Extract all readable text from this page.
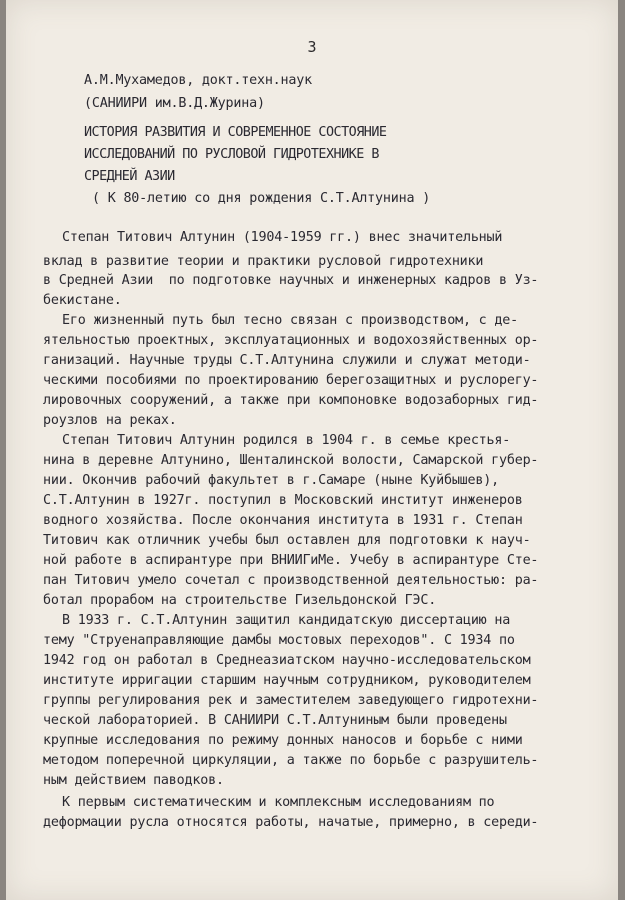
3
А.М.Мухамедов, докт.техн.наук
(САНИИРИ им.В.Д.Журина)
ИСТОРИЯ РАЗВИТИЯ И СОВРЕМЕННОЕ СОСТОЯНИЕ
ИССЛЕДОВАНИЙ ПО РУСЛОВОЙ ГИДРОТЕХНИКЕ В
СРЕДНЕЙ АЗИИ
( К 80-летию со дня рождения С.Т.Алтунина )
Степан Титович Алтунин (1904-1959 гг.) внес значительный
вклад в развитие теории и практики русловой гидротехники
в Средней Азии  по подготовке научных и инженерных кадров в Уз-
бекистане.
Его жизненный путь был тесно связан с производством, с де-
ятельностью проектных, эксплуатационных и водохозяйственных ор-
ганизаций. Научные труды С.Т.Алтунина служили и служат методи-
ческими пособиями по проектированию берегозащитных и руслорегу-
лировочных сооружений, а также при компоновке водозаборных гид-
роузлов на реках.
Степан Титович Алтунин родился в 1904 г. в семье крестья-
нина в деревне Алтунино, Шенталинской волости, Самарской губер-
нии. Окончив рабочий факультет в г.Самаре (ныне Куйбышев),
С.Т.Алтунин в 1927г. поступил в Московский институт инженеров
водного хозяйства. После окончания института в 1931 г. Степан
Титович как отличник учебы был оставлен для подготовки к науч-
ной работе в аспирантуре при ВНИИГиМе. Учебу в аспирантуре Сте-
пан Титович умело сочетал с производственной деятельностью: ра-
ботал прорабом на строительстве Гизельдонской ГЭС.
В 1933 г. С.Т.Алтунин защитил кандидатскую диссертацию на
тему "Струенаправляющие дамбы мостовых переходов". С 1934 по
1942 год он работал в Среднеазиатском научно-исследовательском
институте ирригации старшим научным сотрудником, руководителем
группы регулирования рек и заместителем заведующего гидротехни-
ческой лабораторией. В САНИИРИ С.Т.Алтуниным были проведены
крупные исследования по режиму донных наносов и борьбе с ними
методом поперечной циркуляции, а также по борьбе с разрушитель-
ным действием паводков.
К первым систематическим и комплексным исследованиям по
деформации русла относятся работы, начатые, примерно, в середи-
